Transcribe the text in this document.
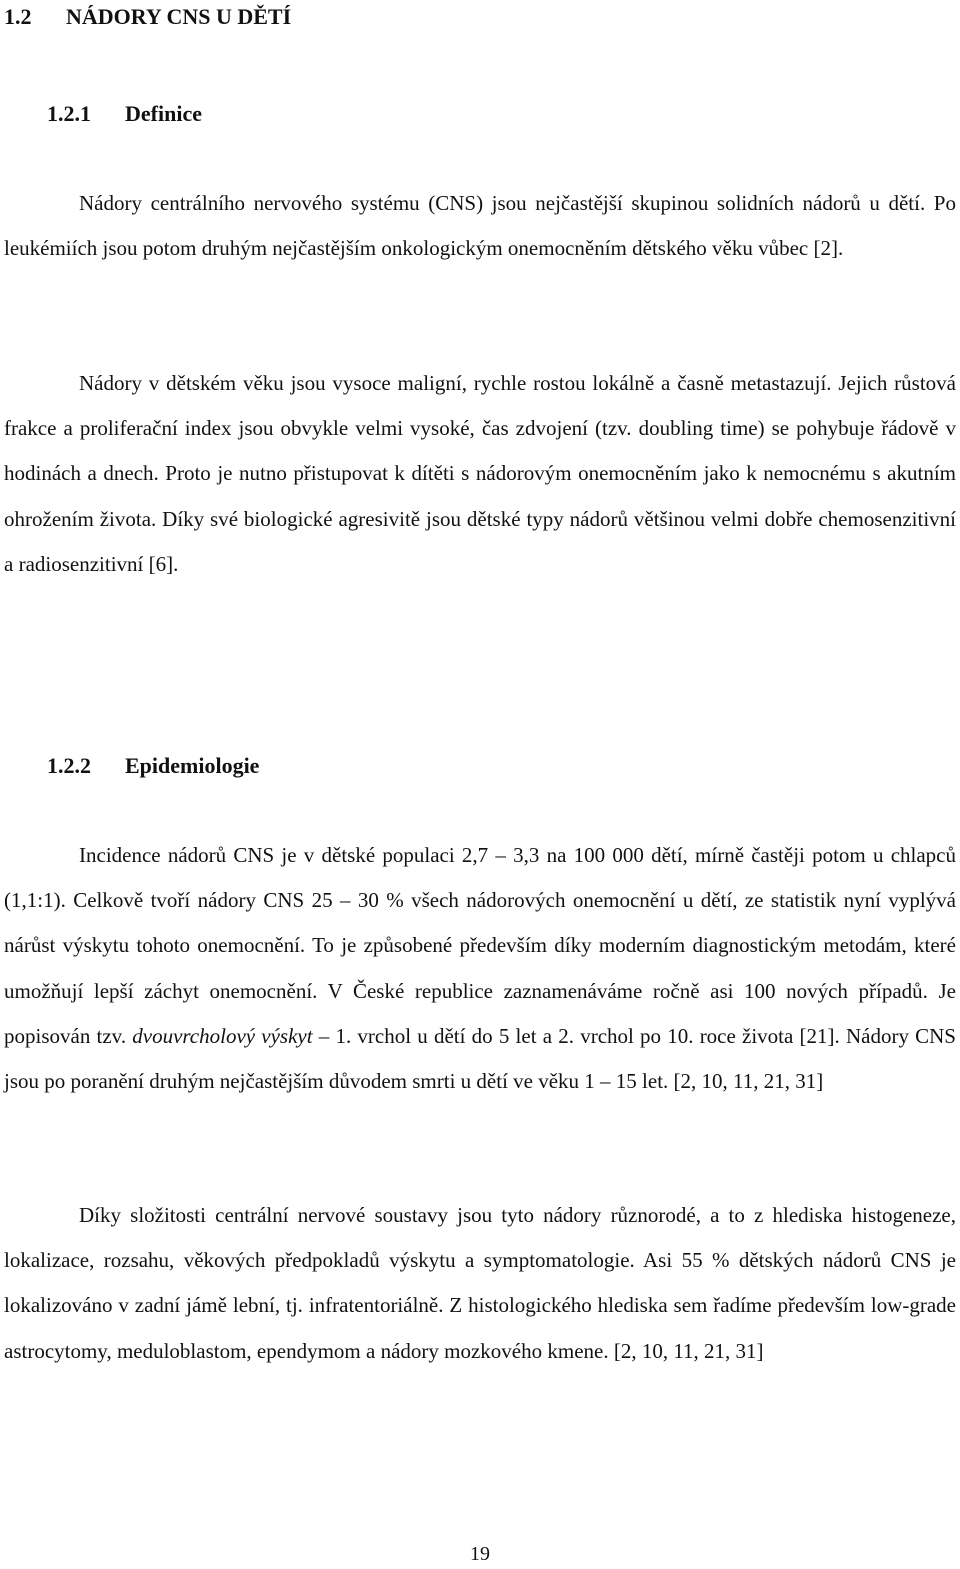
1.2 NÁDORY CNS U DĚTÍ
1.2.1 Definice

Nádory centrálního nervového systému (CNS) jsou nejčastější skupinou solidních nádorů u dětí. Po leukémiích jsou potom druhým nejčastějším onkologickým onemocněním dětského věku vůbec [2].

Nádory v dětském věku jsou vysoce maligní, rychle rostou lokálně a časně metastazují. Jejich růstová frakce a proliferační index jsou obvykle velmi vysoké, čas zdvojení (tzv. doubling time) se pohybuje řádově v hodinách a dnech. Proto je nutno přistupovat k dítěti s nádorovým onemocněním jako k nemocnému s akutním ohrožením života. Díky své biologické agresivitě jsou dětské typy nádorů většinou velmi dobře chemosenzitivní a radiosenzitivní [6].

1.2.2 Epidemiologie

Incidence nádorů CNS je v dětské populaci 2,7 – 3,3 na 100 000 dětí, mírně častěji potom u chlapců (1,1:1). Celkově tvoří nádory CNS 25 – 30 % všech nádorových onemocnění u dětí, ze statistik nyní vyplývá nárůst výskytu tohoto onemocnění. To je způsobené především díky moderním diagnostickým metodám, které umožňují lepší záchyt onemocnění. V České republice zaznamenáváme ročně asi 100 nových případů. Je popisován tzv. dvouvrcholový výskyt – 1. vrchol u dětí do 5 let a 2. vrchol po 10. roce života [21]. Nádory CNS jsou po poranění druhým nejčastějším důvodem smrti u dětí ve věku 1 – 15 let. [2, 10, 11, 21, 31]

Díky složitosti centrální nervové soustavy jsou tyto nádory různorodé, a to z hlediska histogeneze, lokalizace, rozsahu, věkových předpokladů výskytu a symptomatologie. Asi 55 % dětských nádorů CNS je lokalizováno v zadní jámě lební, tj. infratentoriálně. Z histologického hlediska sem řadíme především low-grade astrocytomy, meduloblastom, ependymom a nádory mozkového kmene. [2, 10, 11, 21, 31]

19
